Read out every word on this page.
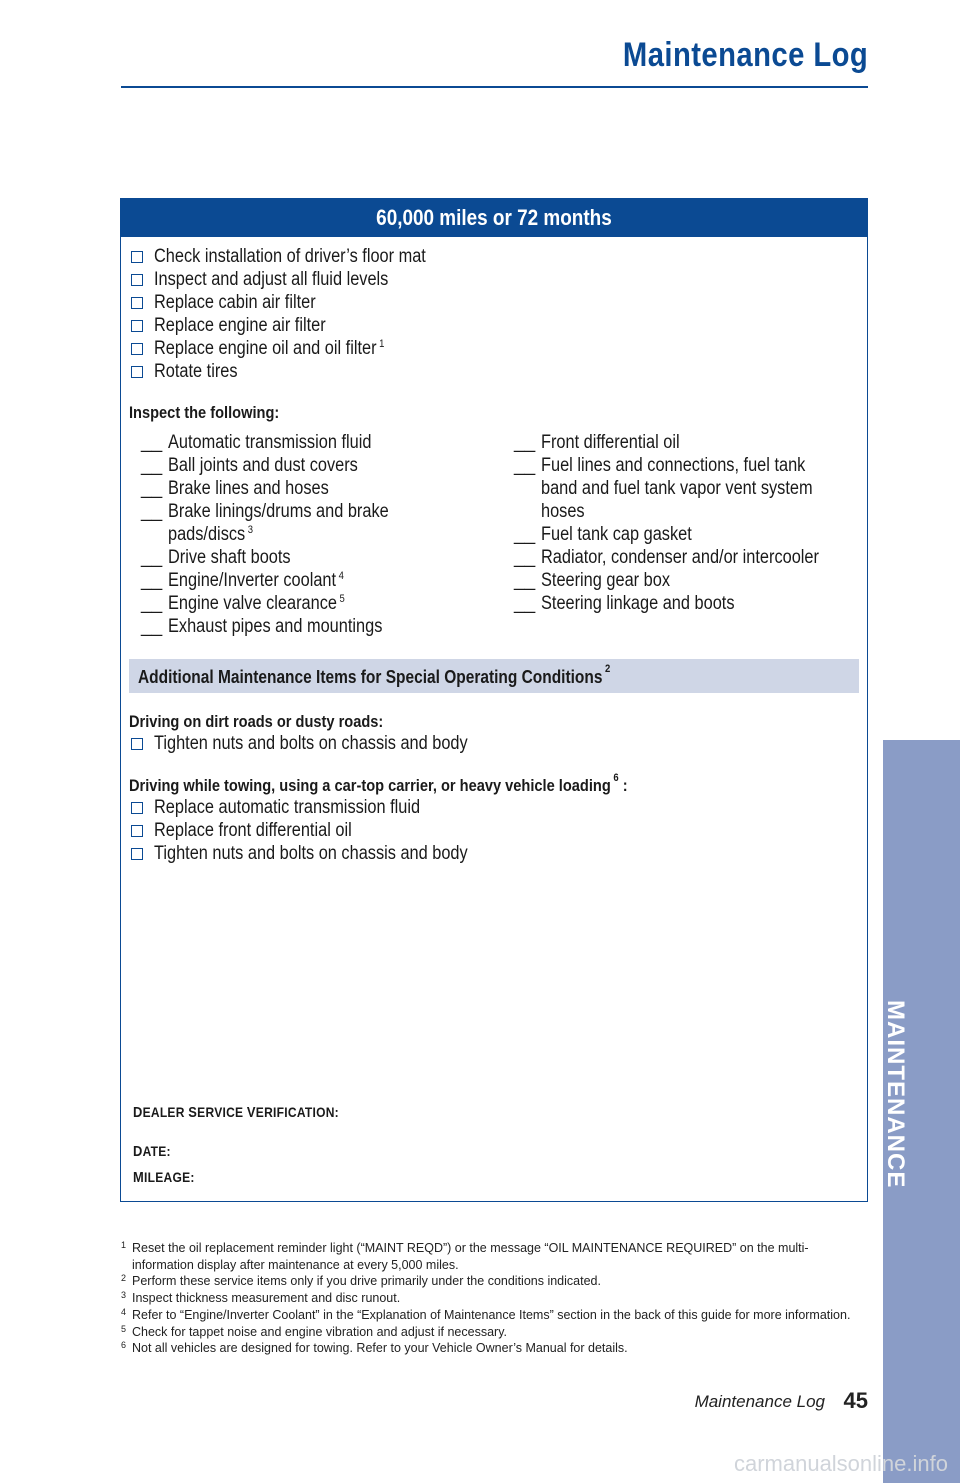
Maintenance Log
60,000 miles or 72 months
Check installation of driver’s floor mat
Inspect and adjust all fluid levels
Replace cabin air filter
Replace engine air filter
Replace engine oil and oil filter $^1$
Rotate tires
Inspect the following:
__ Automatic transmission fluid
__ Ball joints and dust covers
__ Brake lines and hoses
__ Brake linings/drums and brake pads/discs $^3$
__ Drive shaft boots
__ Engine/Inverter coolant $^4$
__ Engine valve clearance $^5$
__ Exhaust pipes and mountings
__ Front differential oil
__ Fuel lines and connections, fuel tank band and fuel tank vapor vent system hoses
__ Fuel tank cap gasket
__ Radiator, condenser and/or intercooler
__ Steering gear box
__ Steering linkage and boots
Additional Maintenance Items for Special Operating Conditions $^2$
Driving on dirt roads or dusty roads:
Tighten nuts and bolts on chassis and body
Driving while towing, using a car-top carrier, or heavy vehicle loading $^6$ :
Replace automatic transmission fluid
Replace front differential oil
Tighten nuts and bolts on chassis and body
DEALER SERVICE VERIFICATION:
DATE:
MILEAGE:
1 Reset the oil replacement reminder light (“MAINT REQD”) or the message “OIL MAINTENANCE REQUIRED” on the multi-information display after maintenance at every 5,000 miles.
2 Perform these service items only if you drive primarily under the conditions indicated.
3 Inspect thickness measurement and disc runout.
4 Refer to “Engine/Inverter Coolant” in the “Explanation of Maintenance Items” section in the back of this guide for more information.
5 Check for tappet noise and engine vibration and adjust if necessary.
6 Not all vehicles are designed for towing. Refer to your Vehicle Owner’s Manual for details.
Maintenance Log 45
MAINTENANCE
carmanualsonline.info
